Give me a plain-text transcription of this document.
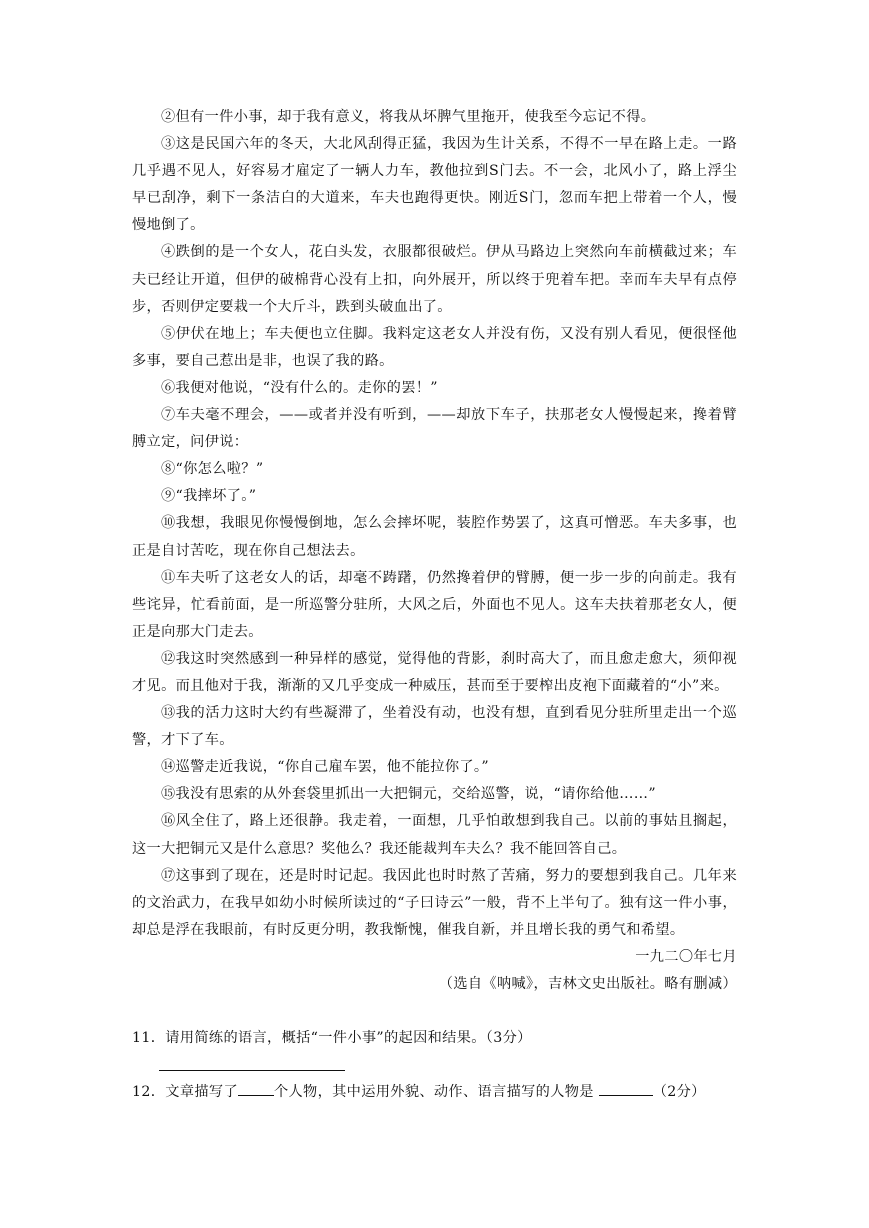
②但有一件小事，却于我有意义，将我从坏脾气里拖开，使我至今忘记不得。

③这是民国六年的冬天，大北风刮得正猛，我因为生计关系，不得不一早在路上走。一路几乎遇不见人，好容易才雇定了一辆人力车，教他拉到S门去。不一会，北风小了，路上浮尘早已刮净，剩下一条洁白的大道来，车夫也跑得更快。刚近S门，忽而车把上带着一个人，慢慢地倒了。

④跌倒的是一个女人，花白头发，衣服都很破烂。伊从马路边上突然向车前横截过来；车夫已经让开道，但伊的破棉背心没有上扣，向外展开，所以终于兜着车把。幸而车夫早有点停步，否则伊定要栽一个大斤斗，跌到头破血出了。

⑤伊伏在地上；车夫便也立住脚。我料定这老女人并没有伤，又没有别人看见，便很怪他多事，要自己惹出是非，也误了我的路。

⑥我便对他说，“没有什么的。走你的罢！”

⑦车夫毫不理会，——或者并没有听到，——却放下车子，扶那老女人慢慢起来，搀着臂膊立定，问伊说：

⑧“你怎么啦？”

⑨“我摔坏了。”

⑩我想，我眼见你慢慢倒地，怎么会摔坏呢，装腔作势罢了，这真可憎恶。车夫多事，也正是自讨苦吃，现在你自己想法去。

⑪车夫听了这老女人的话，却毫不踌躇，仍然搀着伊的臂膊，便一步一步的向前走。我有些诧异，忙看前面，是一所巡警分驻所，大风之后，外面也不见人。这车夫扶着那老女人，便正是向那大门走去。

⑫我这时突然感到一种异样的感觉，觉得他的背影，刹时高大了，而且愈走愈大，须仰视才见。而且他对于我，渐渐的又几乎变成一种威压，甚而至于要榨出皮袍下面藏着的“小”来。

⑬我的活力这时大约有些凝滞了，坐着没有动，也没有想，直到看见分驻所里走出一个巡警，才下了车。

⑭巡警走近我说，“你自己雇车罢，他不能拉你了。”

⑮我没有思索的从外套袋里抓出一大把铜元，交给巡警，说，“请你给他……”

⑯风全住了，路上还很静。我走着，一面想，几乎怕敢想到我自己。以前的事姑且搁起，这一大把铜元又是什么意思？奖他么？我还能裁判车夫么？我不能回答自己。

⑰这事到了现在，还是时时记起。我因此也时时熬了苦痛，努力的要想到我自己。几年来的文治武力，在我早如幼小时候所读过的“子曰诗云”一般，背不上半句了。独有这一件小事，却总是浮在我眼前，有时反更分明，教我惭愧，催我自新，并且增长我的勇气和希望。

一九二〇年七月

（选自《呐喊》，吉林文史出版社。略有删减）

11．请用简练的语言，概括“一件小事”的起因和结果。（3分）
12．文章描写了	个人物，其中运用外貌、动作、语言描写的人物是	（2分）
